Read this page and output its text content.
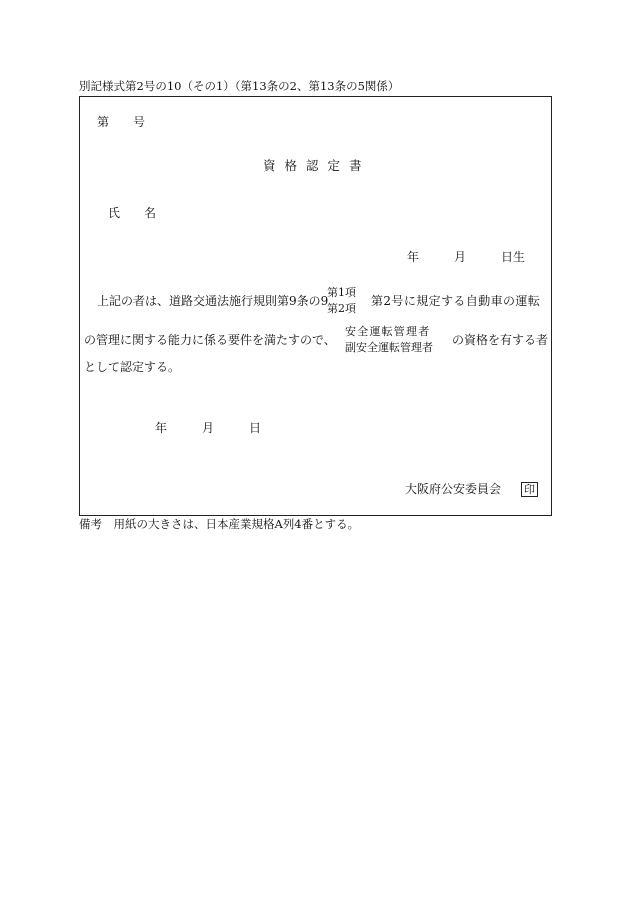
別記様式第2号の10（その1）（第13条の2、第13条の5関係）
第 号
資格認定書
氏 名
年	月	日生
上記の者は、道路交通法施行規則第9条の9
第1項
第2項
第2号に規定する自動車の運転
の管理に関する能力に係る要件を満たすので、
安全運転管理者
副安全運転管理者
の資格を有する者
として認定する。
年	月	日
大阪府公安委員会 印
備考　用紙の大きさは、日本産業規格A列4番とする。
